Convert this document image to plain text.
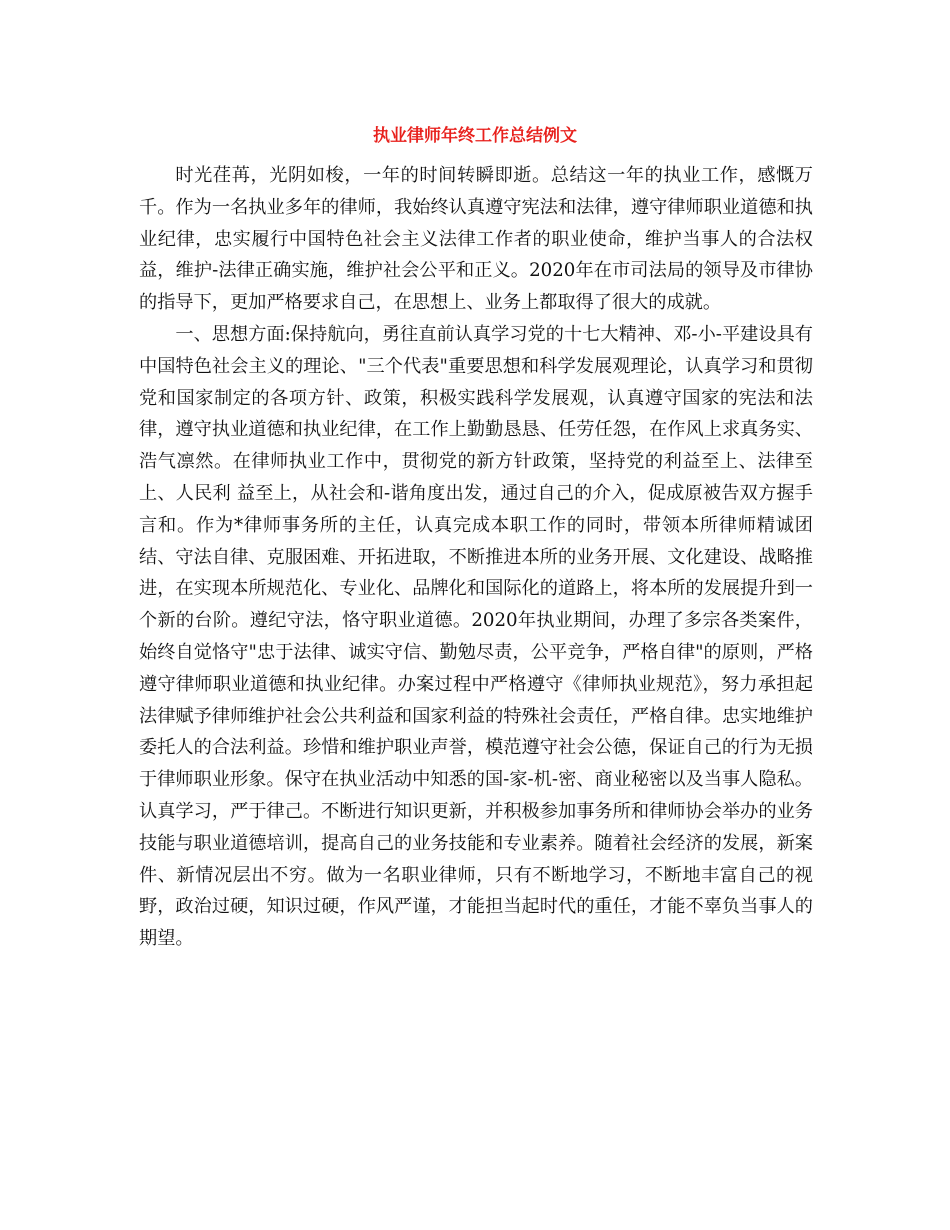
执业律师年终工作总结例文

时光荏苒，光阴如梭，一年的时间转瞬即逝。总结这一年的执业工作，感慨万千。作为一名执业多年的律师，我始终认真遵守宪法和法律，遵守律师职业道德和执业纪律，忠实履行中国特色社会主义法律工作者的职业使命，维护当事人的合法权益，维护-法律正确实施，维护社会公平和正义。2020年在市司法局的领导及市律协的指导下，更加严格要求自己，在思想上、业务上都取得了很大的成就。

一、思想方面:保持航向，勇往直前认真学习党的十七大精神、邓-小-平建设具有中国特色社会主义的理论、"三个代表"重要思想和科学发展观理论，认真学习和贯彻党和国家制定的各项方针、政策，积极实践科学发展观，认真遵守国家的宪法和法律，遵守执业道德和执业纪律，在工作上勤勤恳恳、任劳任怨，在作风上求真务实、浩气凛然。在律师执业工作中，贯彻党的新方针政策，坚持党的利益至上、法律至上、人民利 益至上，从社会和-谐角度出发，通过自己的介入，促成原被告双方握手言和。作为*律师事务所的主任，认真完成本职工作的同时，带领本所律师精诚团结、守法自律、克服困难、开拓进取，不断推进本所的业务开展、文化建设、战略推进，在实现本所规范化、专业化、品牌化和国际化的道路上，将本所的发展提升到一个新的台阶。遵纪守法，恪守职业道德。2020年执业期间，办理了多宗各类案件，始终自觉恪守"忠于法律、诚实守信、勤勉尽责，公平竞争，严格自律"的原则，严格遵守律师职业道德和执业纪律。办案过程中严格遵守《律师执业规范》，努力承担起法律赋予律师维护社会公共利益和国家利益的特殊社会责任，严格自律。忠实地维护委托人的合法利益。珍惜和维护职业声誉，模范遵守社会公德，保证自己的行为无损于律师职业形象。保守在执业活动中知悉的国-家-机-密、商业秘密以及当事人隐私。认真学习，严于律己。不断进行知识更新，并积极参加事务所和律师协会举办的业务技能与职业道德培训，提高自己的业务技能和专业素养。随着社会经济的发展，新案件、新情况层出不穷。做为一名职业律师，只有不断地学习，不断地丰富自己的视野，政治过硬，知识过硬，作风严谨，才能担当起时代的重任，才能不辜负当事人的期望。
